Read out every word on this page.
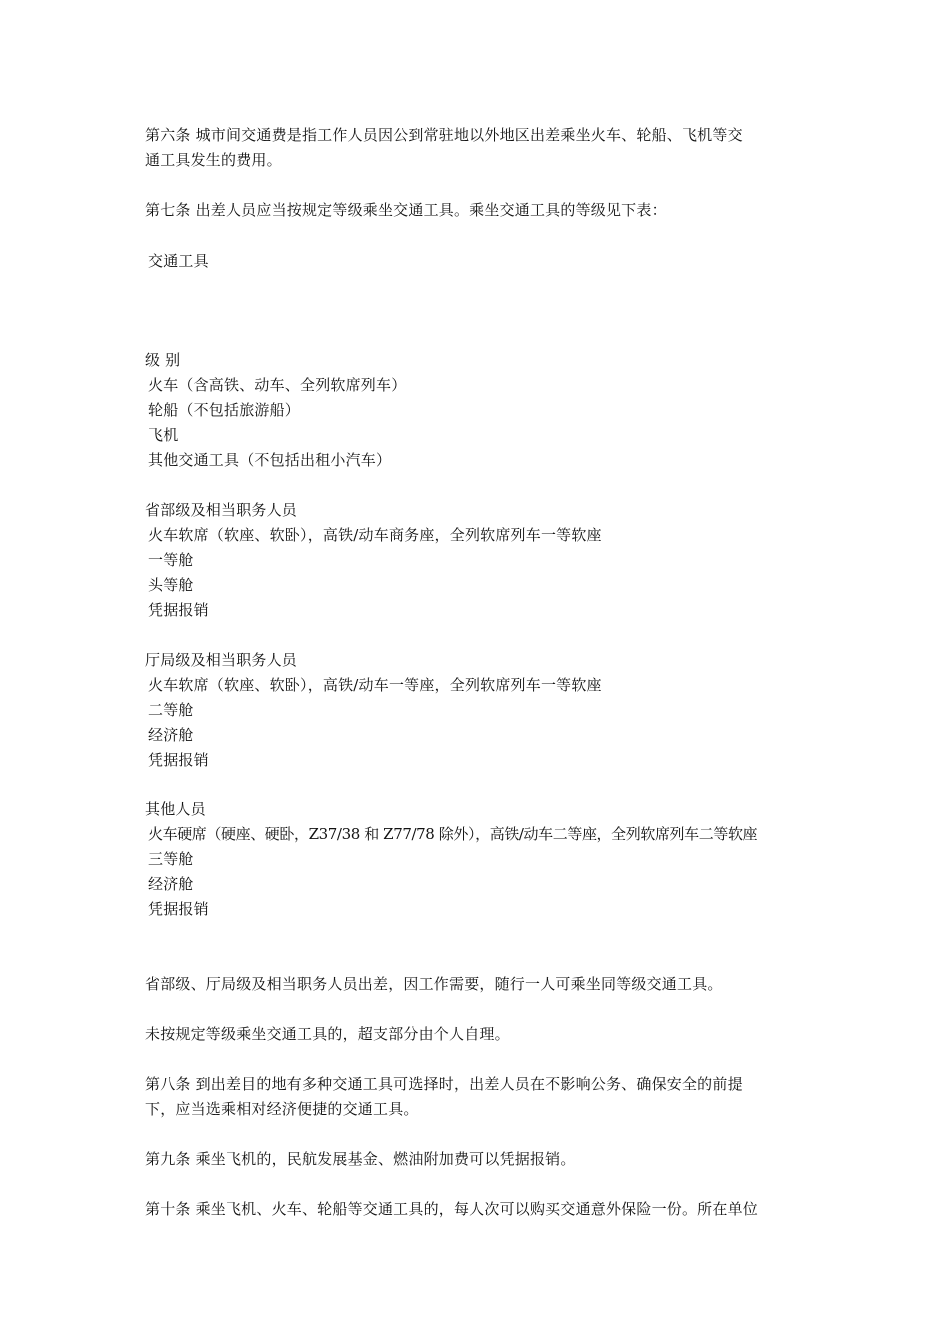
第六条 城市间交通费是指工作人员因公到常驻地以外地区出差乘坐火车、轮船、飞机等交
通工具发生的费用。
第七条 出差人员应当按规定等级乘坐交通工具。乘坐交通工具的等级见下表：
交通工具
级 别
火车（含高铁、动车、全列软席列车）
轮船（不包括旅游船）
飞机
其他交通工具（不包括出租小汽车）
省部级及相当职务人员
火车软席（软座、软卧），高铁/动车商务座，全列软席列车一等软座
一等舱
头等舱
凭据报销
厅局级及相当职务人员
火车软席（软座、软卧），高铁/动车一等座，全列软席列车一等软座
二等舱
经济舱
凭据报销
其他人员
火车硬席（硬座、硬卧，Z37/38 和 Z77/78 除外），高铁/动车二等座，全列软席列车二等软座
三等舱
经济舱
凭据报销
省部级、厅局级及相当职务人员出差，因工作需要，随行一人可乘坐同等级交通工具。
未按规定等级乘坐交通工具的，超支部分由个人自理。
第八条 到出差目的地有多种交通工具可选择时，出差人员在不影响公务、确保安全的前提
下，应当选乘相对经济便捷的交通工具。
第九条 乘坐飞机的，民航发展基金、燃油附加费可以凭据报销。
第十条 乘坐飞机、火车、轮船等交通工具的，每人次可以购买交通意外保险一份。所在单位
